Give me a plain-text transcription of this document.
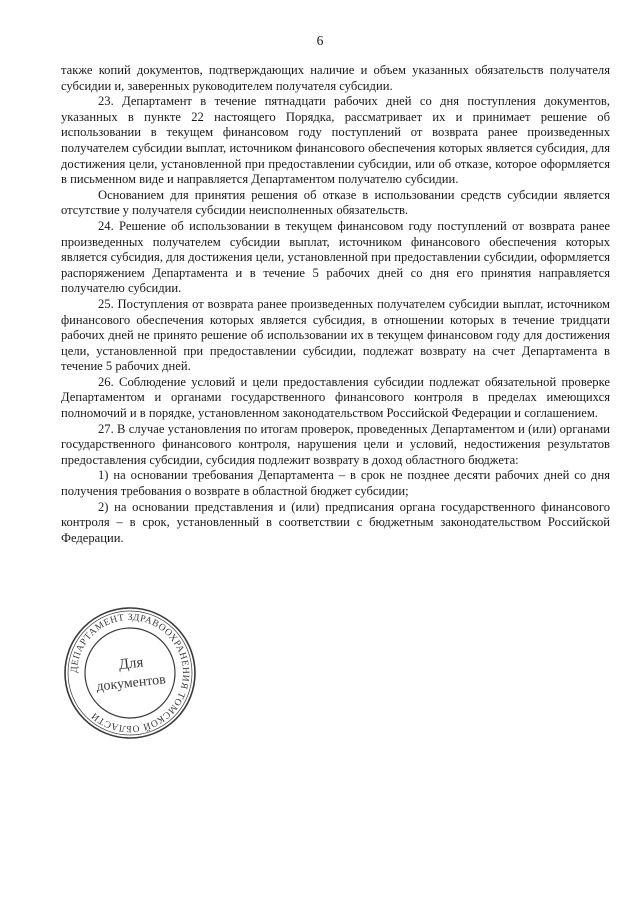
6

также копий документов, подтверждающих наличие и объем указанных обязательств получателя субсидии и, заверенных руководителем получателя субсидии.

23. Департамент в течение пятнадцати рабочих дней со дня поступления документов, указанных в пункте 22 настоящего Порядка, рассматривает их и принимает решение об использовании в текущем финансовом году поступлений от возврата ранее произведенных получателем субсидии выплат, источником финансового обеспечения которых является субсидия, для достижения цели, установленной при предоставлении субсидии, или об отказе, которое оформляется в письменном виде и направляется Департаментом получателю субсидии.

Основанием для принятия решения об отказе в использовании средств субсидии является отсутствие у получателя субсидии неисполненных обязательств.

24. Решение об использовании в текущем финансовом году поступлений от возврата ранее произведенных получателем субсидии выплат, источником финансового обеспечения которых является субсидия, для достижения цели, установленной при предоставлении субсидии, оформляется распоряжением Департамента и в течение 5 рабочих дней со дня его принятия направляется получателю субсидии.

25. Поступления от возврата ранее произведенных получателем субсидии выплат, источником финансового обеспечения которых является субсидия, в отношении которых в течение тридцати рабочих дней не принято решение об использовании их в текущем финансовом году для достижения цели, установленной при предоставлении субсидии, подлежат возврату на счет Департамента в течение 5 рабочих дней.

26. Соблюдение условий и цели предоставления субсидии подлежат обязательной проверке Департаментом и органами государственного финансового контроля в пределах имеющихся полномочий и в порядке, установленном законодательством Российской Федерации и соглашением.

27. В случае установления по итогам проверок, проведенных Департаментом и (или) органами государственного финансового контроля, нарушения цели и условий, недостижения результатов предоставления субсидии, субсидия подлежит возврату в доход областного бюджета:

1) на основании требования Департамента – в срок не позднее десяти рабочих дней со дня получения требования о возврате в областной бюджет субсидии;

2) на основании представления и (или) предписания органа государственного финансового контроля – в срок, установленный в соответствии с бюджетным законодательством Российской Федерации.

ДЕПАРТАМЕНТ ЗДРАВООХРАНЕНИЯ ТОМСКОЙ ОБЛАСТИ
Для
документов
